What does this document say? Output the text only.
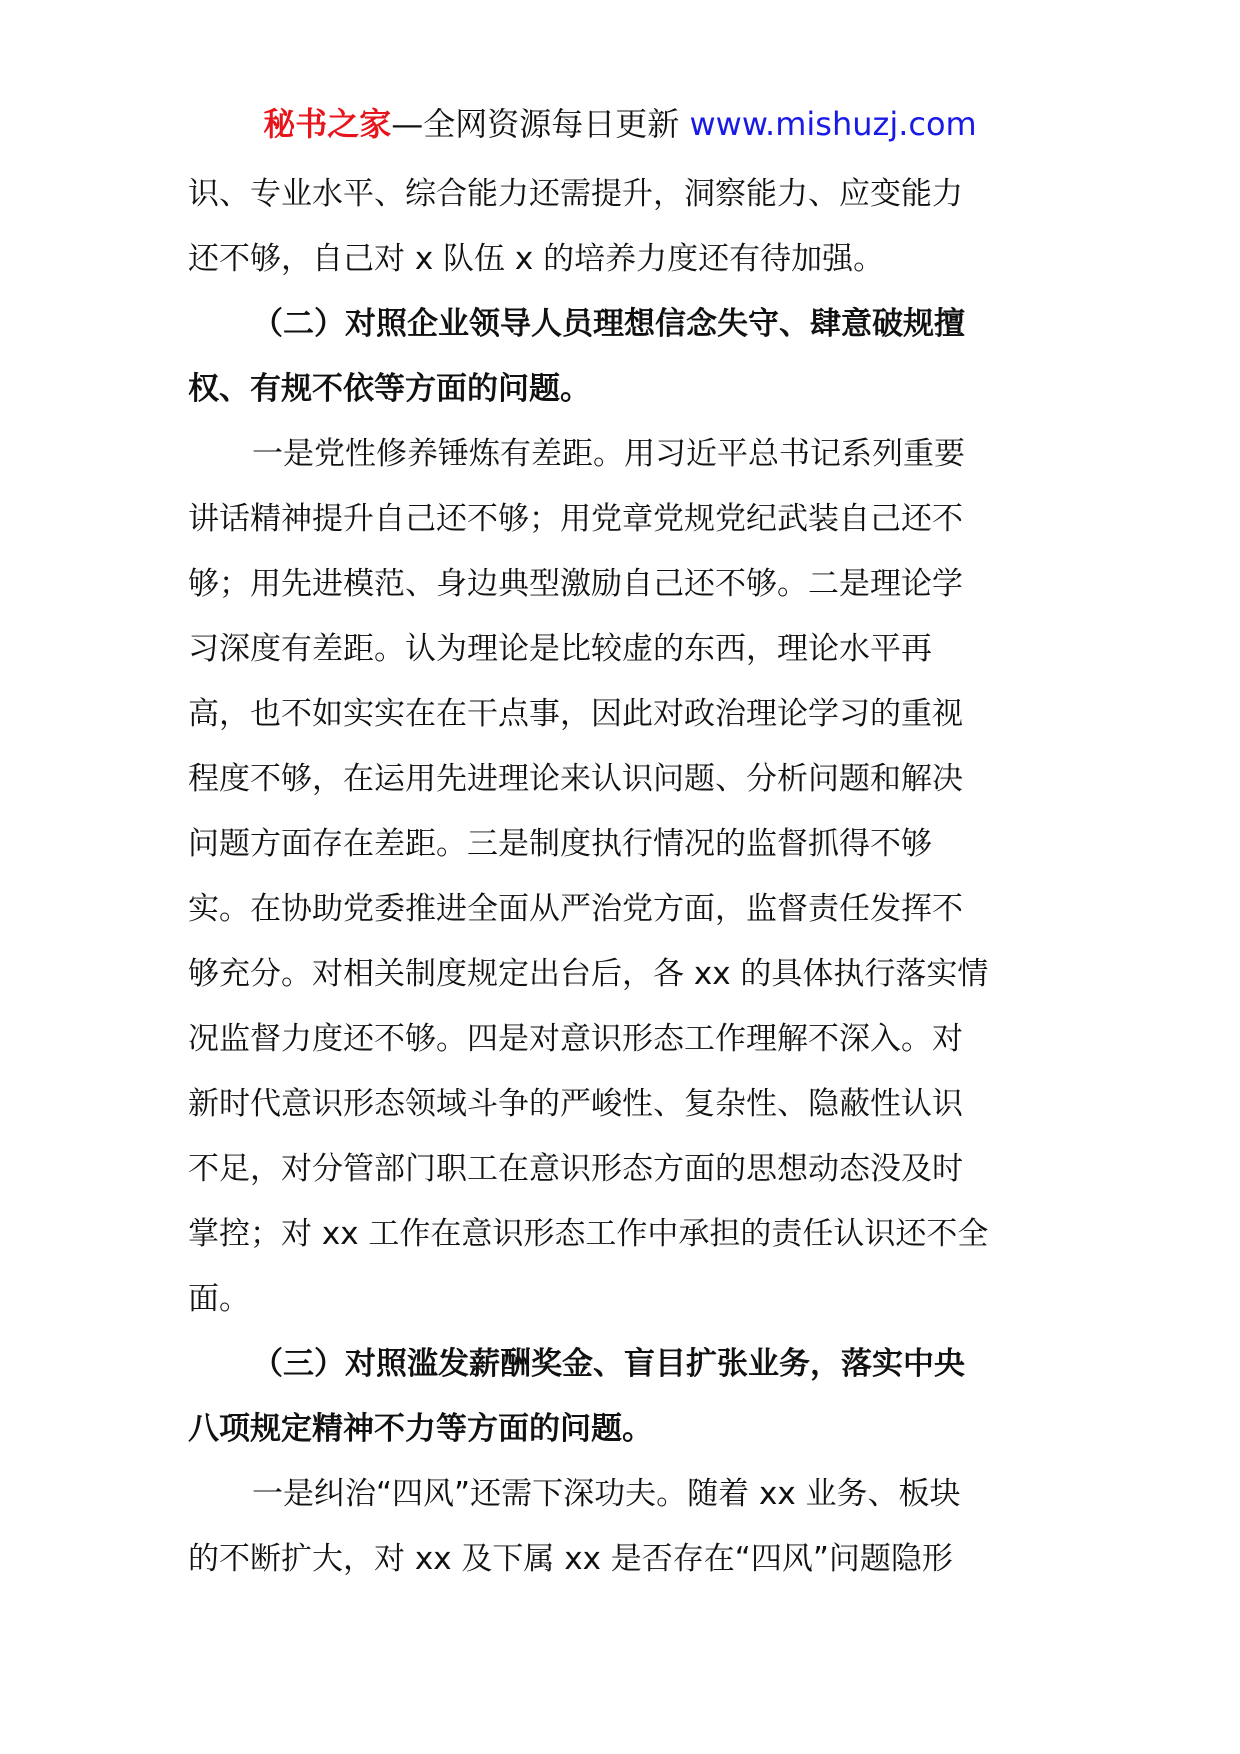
秘书之家—全网资源每日更新 www.mishuzj.com
识、专业水平、综合能力还需提升，洞察能力、应变能力
还不够，自己对 x 队伍 x 的培养力度还有待加强。
（二）对照企业领导人员理想信念失守、肆意破规擅
权、有规不依等方面的问题。
一是党性修养锤炼有差距。用习近平总书记系列重要
讲话精神提升自己还不够；用党章党规党纪武装自己还不
够；用先进模范、身边典型激励自己还不够。二是理论学
习深度有差距。认为理论是比较虚的东西，理论水平再
高，也不如实实在在干点事，因此对政治理论学习的重视
程度不够，在运用先进理论来认识问题、分析问题和解决
问题方面存在差距。三是制度执行情况的监督抓得不够
实。在协助党委推进全面从严治党方面，监督责任发挥不
够充分。对相关制度规定出台后，各 xx 的具体执行落实情
况监督力度还不够。四是对意识形态工作理解不深入。对
新时代意识形态领域斗争的严峻性、复杂性、隐蔽性认识
不足，对分管部门职工在意识形态方面的思想动态没及时
掌控；对 xx 工作在意识形态工作中承担的责任认识还不全
面。
（三）对照滥发薪酬奖金、盲目扩张业务，落实中央
八项规定精神不力等方面的问题。
一是纠治“四风”还需下深功夫。随着 xx 业务、板块
的不断扩大，对 xx 及下属 xx 是否存在“四风”问题隐形
